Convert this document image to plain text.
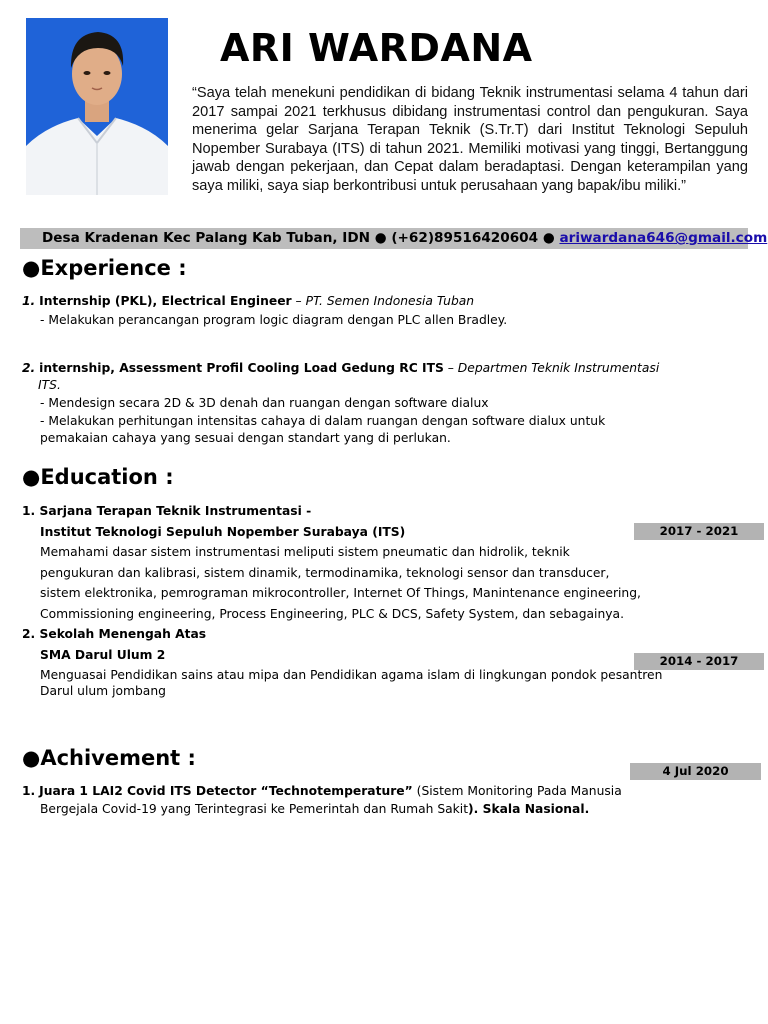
ARI WARDANA
“Saya telah menekuni pendidikan di bidang Teknik instrumentasi selama 4 tahun dari 2017 sampai 2021 terkhusus dibidang instrumentasi control dan pengukuran. Saya menerima gelar Sarjana Terapan Teknik (S.Tr.T) dari Institut Teknologi Sepuluh Nopember Surabaya (ITS) di tahun 2021. Memiliki motivasi yang tinggi, Bertanggung jawab dengan pekerjaan, dan Cepat dalam beradaptasi. Dengan keterampilan yang saya miliki, saya siap berkontribusi untuk perusahaan yang bapak/ibu miliki.”
Desa Kradenan Kec Palang Kab Tuban, IDN ● (+62)89516420604 ● ariwardana646@gmail.com
●Experience :
1. Internship (PKL), Electrical Engineer – PT. Semen Indonesia Tuban
- Melakukan perancangan program logic diagram dengan PLC allen Bradley.
2. internship, Assessment Profil Cooling Load Gedung RC ITS – Departmen Teknik Instrumentasi
ITS.
- Mendesign secara 2D & 3D denah dan ruangan dengan software dialux
- Melakukan perhitungan intensitas cahaya di dalam ruangan dengan software dialux untuk
pemakaian cahaya yang sesuai dengan standart yang di perlukan.
●Education :
1. Sarjana Terapan Teknik Instrumentasi -
Institut Teknologi Sepuluh Nopember Surabaya (ITS)	2017 - 2021
Memahami dasar sistem instrumentasi meliputi sistem pneumatic dan hidrolik, teknik
pengukuran dan kalibrasi, sistem dinamik, termodinamika, teknologi sensor dan transducer,
sistem elektronika, pemrograman mikrocontroller, Internet Of Things, Manintenance engineering,
Commissioning engineering, Process Engineering, PLC & DCS, Safety System, dan sebagainya.
2. Sekolah Menengah Atas
SMA Darul Ulum 2	2014 - 2017
Menguasai Pendidikan sains atau mipa dan Pendidikan agama islam di lingkungan pondok pesantren
Darul ulum jombang
●Achivement :
4 Jul 2020
1. Juara 1 LAI2 Covid ITS Detector “Technotemperature” (Sistem Monitoring Pada Manusia
Bergejala Covid-19 yang Terintegrasi ke Pemerintah dan Rumah Sakit). Skala Nasional.
